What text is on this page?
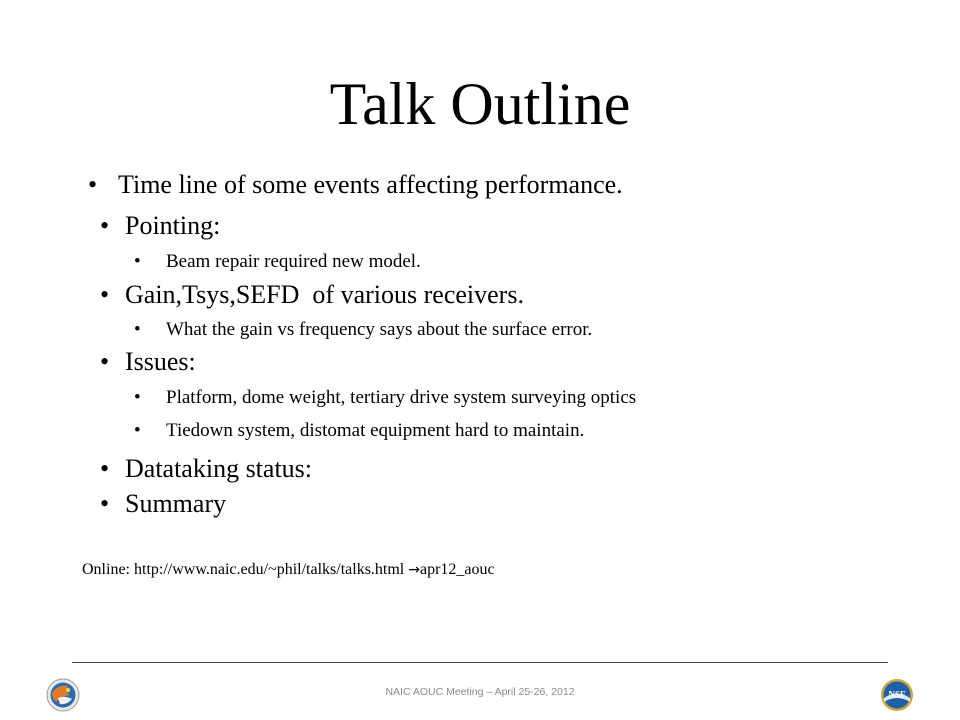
Talk Outline
• Time line of some events affecting performance.
• Pointing:
• Beam repair required new model.
• Gain,Tsys,SEFD  of various receivers.
• What the gain vs frequency says about the surface error.
• Issues:
• Platform, dome weight, tertiary drive system surveying optics
• Tiedown system, distomat equipment hard to maintain.
• Datataking status:
• Summary
Online: http://www.naic.edu/~phil/talks/talks.html →apr12_aouc
NAIC AOUC Meeting – April 25-26, 2012	NSF
